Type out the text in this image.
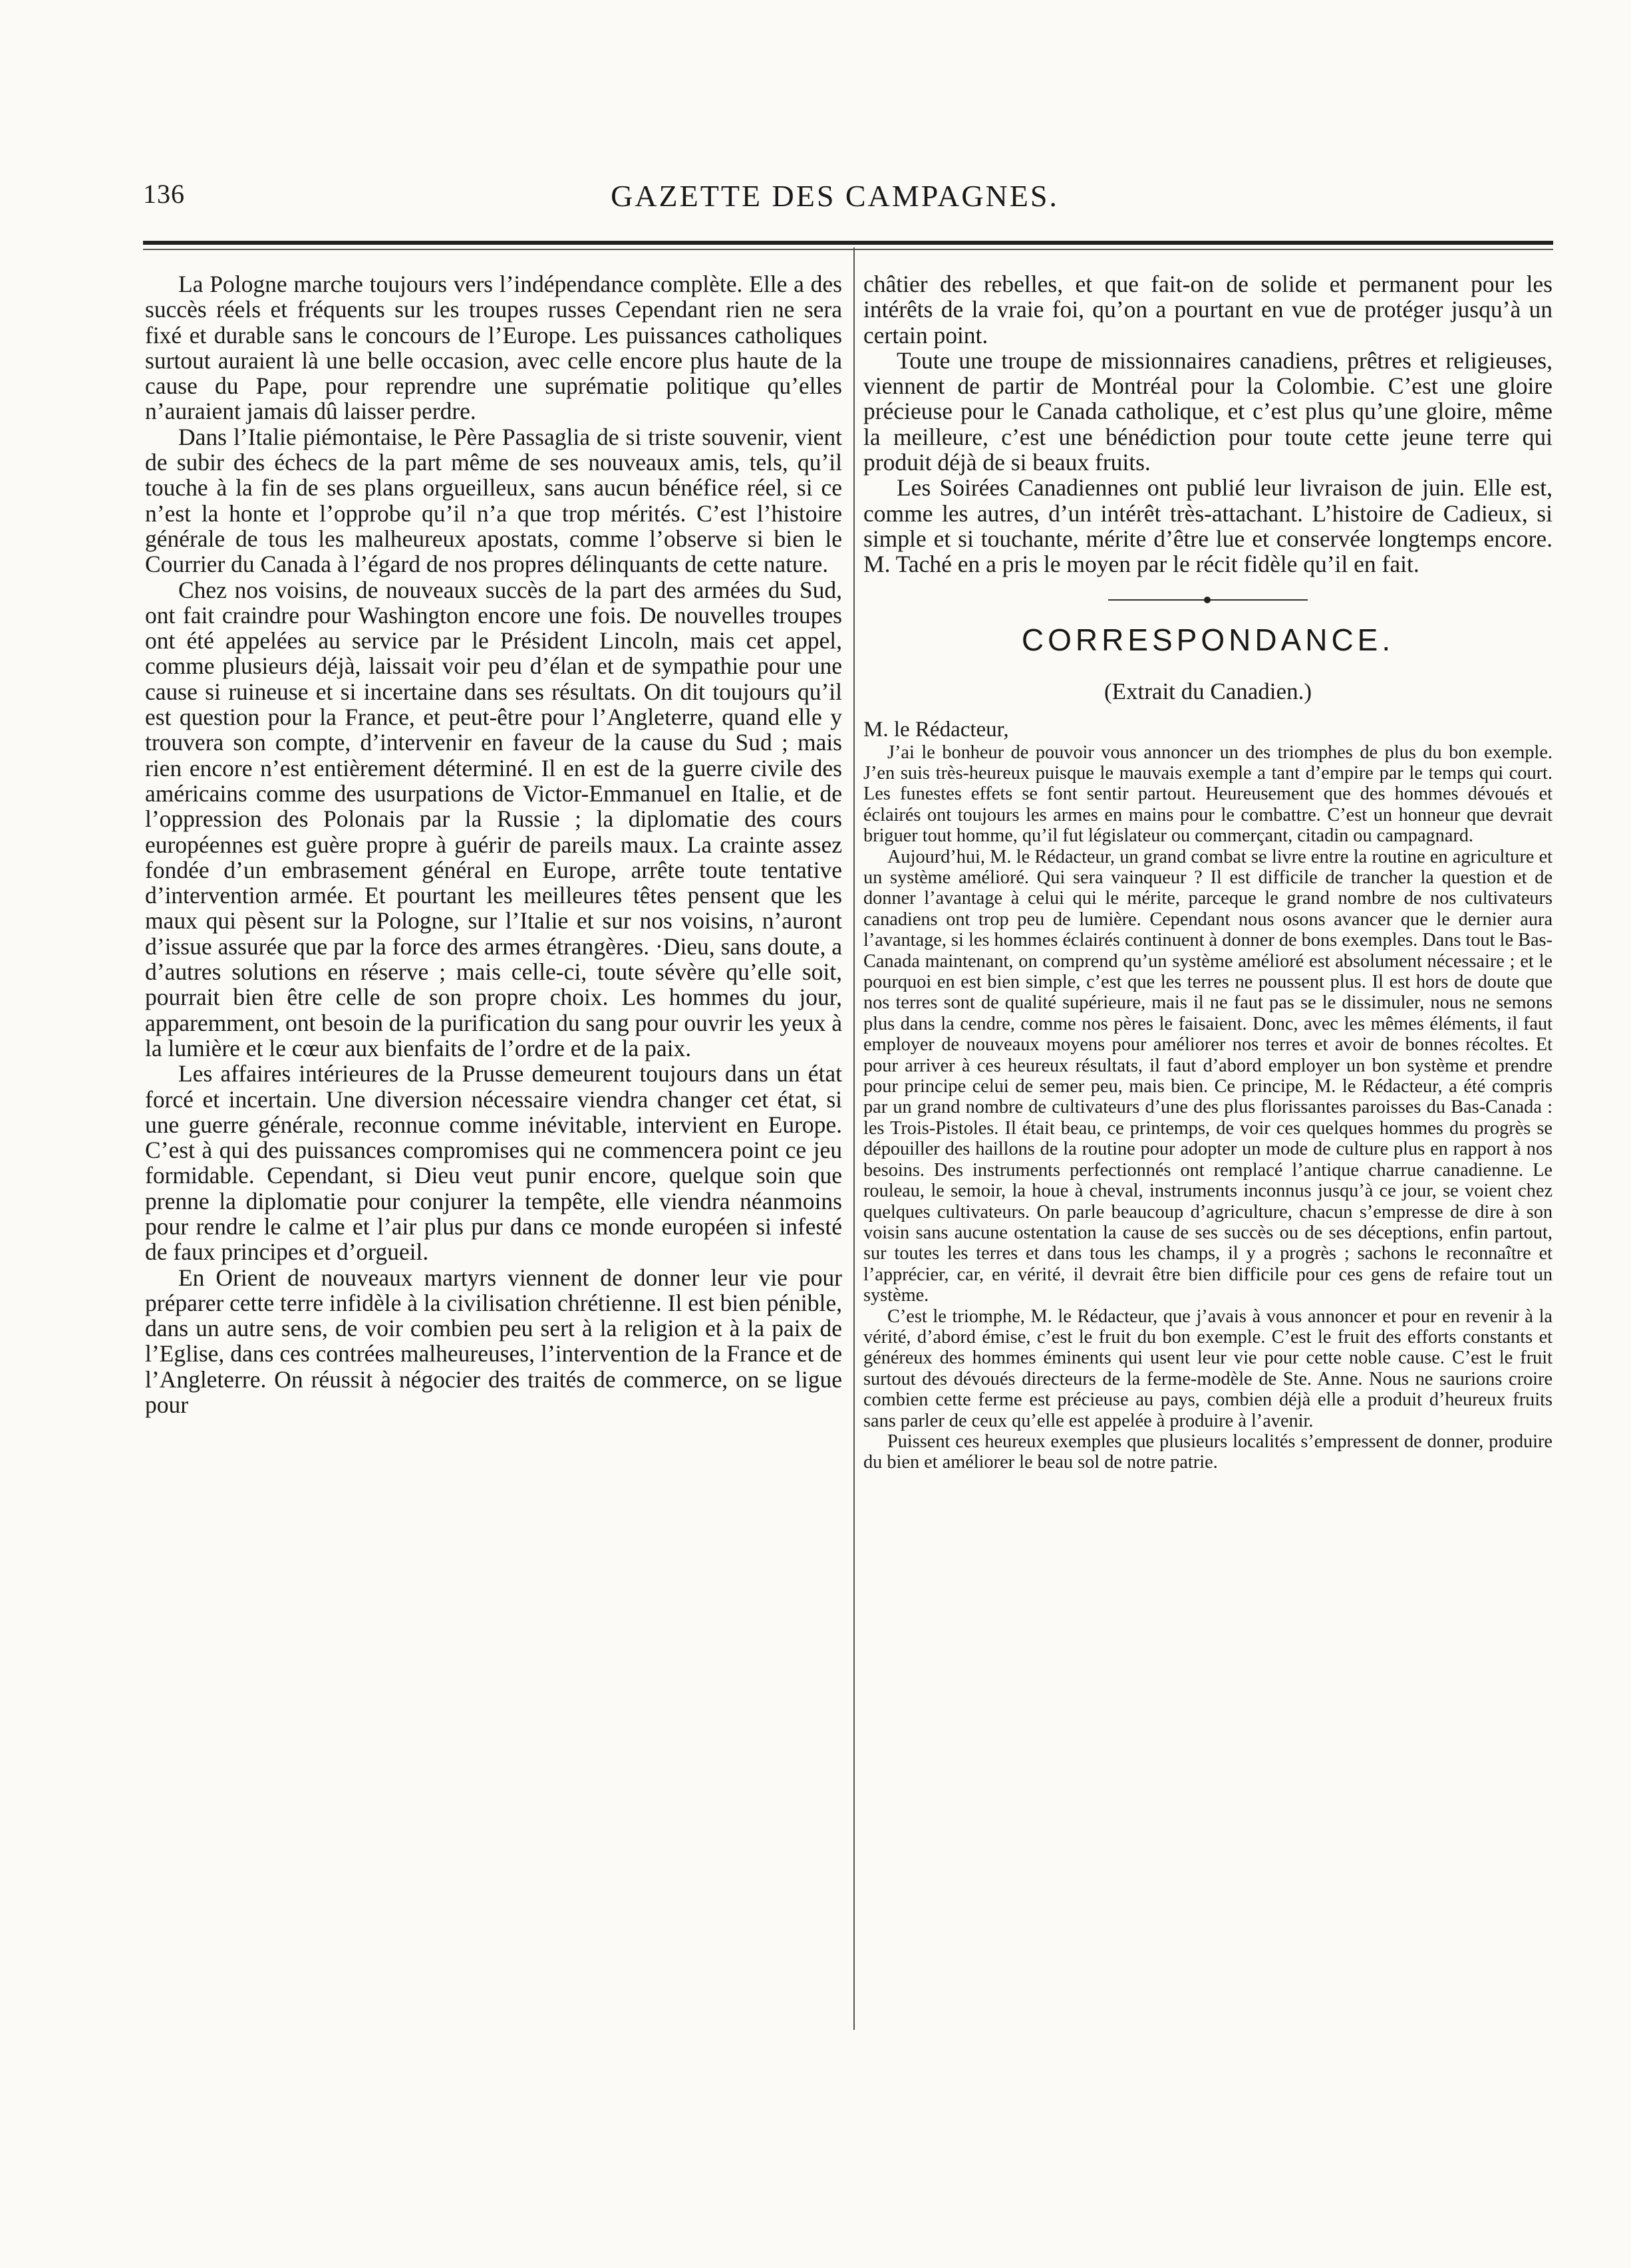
136	GAZETTE DES CAMPAGNES.

La Pologne marche toujours vers l’indépendance complète. Elle a des succès réels et fréquents sur les troupes russes Cependant rien ne sera fixé et durable sans le concours de l’Europe. Les puissances catholiques surtout auraient là une belle occasion, avec celle encore plus haute de la cause du Pape, pour reprendre une suprématie politique qu’elles n’auraient jamais dû laisser perdre.

Dans l’Italie piémontaise, le Père Passaglia de si triste souvenir, vient de subir des échecs de la part même de ses nouveaux amis, tels, qu’il touche à la fin de ses plans orgueilleux, sans aucun bénéfice réel, si ce n’est la honte et l’opprobe qu’il n’a que trop mérités. C’est l’histoire générale de tous les malheureux apostats, comme l’observe si bien le Courrier du Canada à l’égard de nos propres délinquants de cette nature.

Chez nos voisins, de nouveaux succès de la part des armées du Sud, ont fait craindre pour Washington encore une fois. De nouvelles troupes ont été appelées au service par le Président Lincoln, mais cet appel, comme plusieurs déjà, laissait voir peu d’élan et de sympathie pour une cause si ruineuse et si incertaine dans ses résultats. On dit toujours qu’il est question pour la France, et peut-être pour l’Angleterre, quand elle y trouvera son compte, d’intervenir en faveur de la cause du Sud ; mais rien encore n’est entièrement déterminé. Il en est de la guerre civile des américains comme des usurpations de Victor-Emmanuel en Italie, et de l’oppression des Polonais par la Russie ; la diplomatie des cours européennes est guère propre à guérir de pareils maux. La crainte assez fondée d’un embrasement général en Europe, arrête toute tentative d’intervention armée. Et pourtant les meilleures têtes pensent que les maux qui pèsent sur la Pologne, sur l’Italie et sur nos voisins, n’auront d’issue assurée que par la force des armes étrangères. ·Dieu, sans doute, a d’autres solutions en réserve ; mais celle-ci, toute sévère qu’elle soit, pourrait bien être celle de son propre choix. Les hommes du jour, apparemment, ont besoin de la purification du sang pour ouvrir les yeux à la lumière et le cœur aux bienfaits de l’ordre et de la paix.

Les affaires intérieures de la Prusse demeurent toujours dans un état forcé et incertain. Une diversion nécessaire viendra changer cet état, si une guerre générale, reconnue comme inévitable, intervient en Europe. C’est à qui des puissances compromises qui ne commencera point ce jeu formidable. Cependant, si Dieu veut punir encore, quelque soin que prenne la diplomatie pour conjurer la tempête, elle viendra néanmoins pour rendre le calme et l’air plus pur dans ce monde européen si infesté de faux principes et d’orgueil.

En Orient de nouveaux martyrs viennent de donner leur vie pour préparer cette terre infidèle à la civilisation chrétienne. Il est bien pénible, dans un autre sens, de voir combien peu sert à la religion et à la paix de l’Eglise, dans ces contrées malheureuses, l’intervention de la France et de l’Angleterre. On réussit à négocier des traités de commerce, on se ligue pour

châtier des rebelles, et que fait-on de solide et permanent pour les intérêts de la vraie foi, qu’on a pourtant en vue de protéger jusqu’à un certain point.

Toute une troupe de missionnaires canadiens, prêtres et religieuses, viennent de partir de Montréal pour la Colombie. C’est une gloire précieuse pour le Canada catholique, et c’est plus qu’une gloire, même la meilleure, c’est une bénédiction pour toute cette jeune terre qui produit déjà de si beaux fruits.

Les Soirées Canadiennes ont publié leur livraison de juin. Elle est, comme les autres, d’un intérêt très-attachant. L’histoire de Cadieux, si simple et si touchante, mérite d’être lue et conservée longtemps encore. M. Taché en a pris le moyen par le récit fidèle qu’il en fait.

CORRESPONDANCE.
(Extrait du Canadien.)
M. le Rédacteur,

J’ai le bonheur de pouvoir vous annoncer un des triomphes de plus du bon exemple. J’en suis très-heureux puisque le mauvais exemple a tant d’empire par le temps qui court. Les funestes effets se font sentir partout. Heureusement que des hommes dévoués et éclairés ont toujours les armes en mains pour le combattre. C’est un honneur que devrait briguer tout homme, qu’il fut législateur ou commerçant, citadin ou campagnard.

Aujourd’hui, M. le Rédacteur, un grand combat se livre entre la routine en agriculture et un système amélioré. Qui sera vainqueur ? Il est difficile de trancher la question et de donner l’avantage à celui qui le mérite, parceque le grand nombre de nos cultivateurs canadiens ont trop peu de lumière. Cependant nous osons avancer que le dernier aura l’avantage, si les hommes éclairés continuent à donner de bons exemples. Dans tout le Bas-Canada maintenant, on comprend qu’un système amélioré est absolument nécessaire ; et le pourquoi en est bien simple, c’est que les terres ne poussent plus. Il est hors de doute que nos terres sont de qualité supérieure, mais il ne faut pas se le dissimuler, nous ne semons plus dans la cendre, comme nos pères le faisaient. Donc, avec les mêmes éléments, il faut employer de nouveaux moyens pour améliorer nos terres et avoir de bonnes récoltes. Et pour arriver à ces heureux résultats, il faut d’abord employer un bon système et prendre pour principe celui de semer peu, mais bien. Ce principe, M. le Rédacteur, a été compris par un grand nombre de cultivateurs d’une des plus florissantes paroisses du Bas-Canada : les Trois-Pistoles. Il était beau, ce printemps, de voir ces quelques hommes du progrès se dépouiller des haillons de la routine pour adopter un mode de culture plus en rapport à nos besoins. Des instruments perfectionnés ont remplacé l’antique charrue canadienne. Le rouleau, le semoir, la houe à cheval, instruments inconnus jusqu’à ce jour, se voient chez quelques cultivateurs. On parle beaucoup d’agriculture, chacun s’empresse de dire à son voisin sans aucune ostentation la cause de ses succès ou de ses déceptions, enfin partout, sur toutes les terres et dans tous les champs, il y a progrès ; sachons le reconnaître et l’apprécier, car, en vérité, il devrait être bien difficile pour ces gens de refaire tout un système.

C’est le triomphe, M. le Rédacteur, que j’avais à vous annoncer et pour en revenir à la vérité, d’abord émise, c’est le fruit du bon exemple. C’est le fruit des efforts constants et généreux des hommes éminents qui usent leur vie pour cette noble cause. C’est le fruit surtout des dévoués directeurs de la ferme-modèle de Ste. Anne. Nous ne saurions croire combien cette ferme est précieuse au pays, combien déjà elle a produit d’heureux fruits sans parler de ceux qu’elle est appelée à produire à l’avenir.

Puissent ces heureux exemples que plusieurs localités s’empressent de donner, produire du bien et améliorer le beau sol de notre patrie.
